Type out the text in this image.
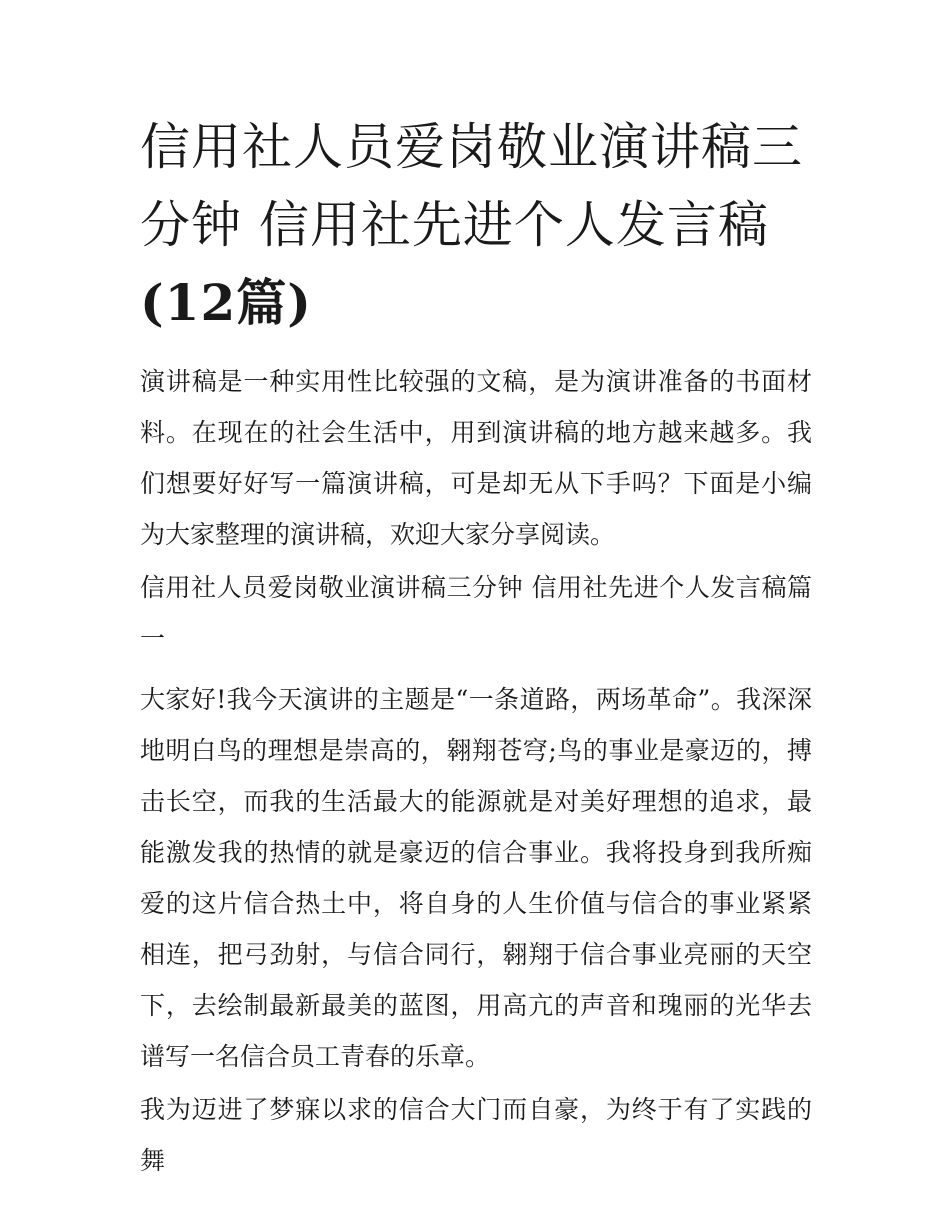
信用社人员爱岗敬业演讲稿三分钟 信用社先进个人发言稿
(12篇)

演讲稿是一种实用性比较强的文稿，是为演讲准备的书面材料。在现在的社会生活中，用到演讲稿的地方越来越多。我们想要好好写一篇演讲稿，可是却无从下手吗？下面是小编为大家整理的演讲稿，欢迎大家分享阅读。

信用社人员爱岗敬业演讲稿三分钟 信用社先进个人发言稿篇一

大家好!我今天演讲的主题是“一条道路，两场革命”。我深深地明白鸟的理想是崇高的，翱翔苍穹;鸟的事业是豪迈的，搏击长空，而我的生活最大的能源就是对美好理想的追求，最能激发我的热情的就是豪迈的信合事业。我将投身到我所痴爱的这片信合热土中，将自身的人生价值与信合的事业紧紧相连，把弓劲射，与信合同行，翱翔于信合事业亮丽的天空下，去绘制最新最美的蓝图，用高亢的声音和瑰丽的光华去谱写一名信合员工青春的乐章。

我为迈进了梦寐以求的信合大门而自豪，为终于有了实践的舞
